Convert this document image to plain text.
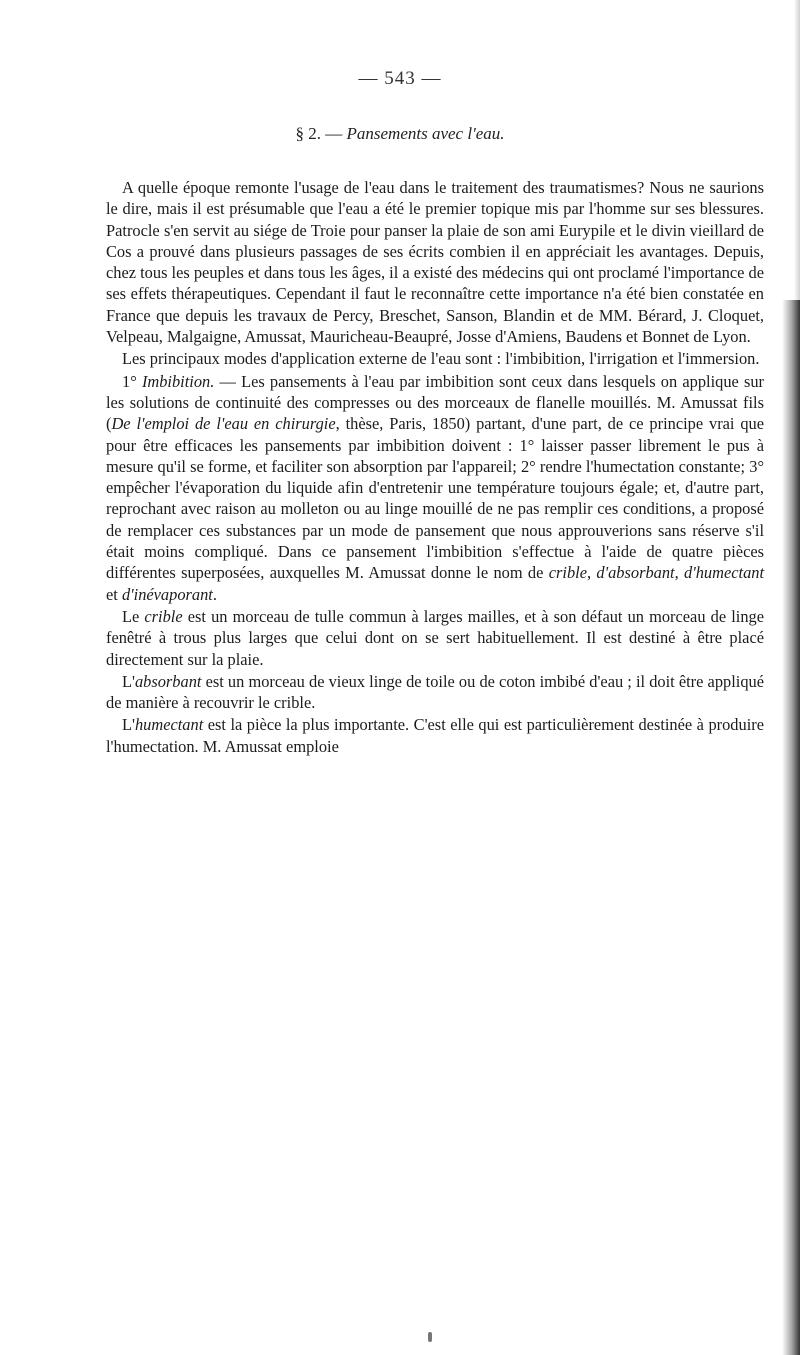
— 543 —
§ 2. — Pansements avec l'eau.

A quelle époque remonte l'usage de l'eau dans le traitement des traumatismes? Nous ne saurions le dire, mais il est présumable que l'eau a été le premier topique mis par l'homme sur ses blessures. Patrocle s'en servit au siége de Troie pour panser la plaie de son ami Eurypile et le divin vieillard de Cos a prouvé dans plusieurs passages de ses écrits combien il en appréciait les avantages. Depuis, chez tous les peuples et dans tous les âges, il a existé des médecins qui ont proclamé l'importance de ses effets thérapeutiques. Cependant il faut le reconnaître cette importance n'a été bien constatée en France que depuis les travaux de Percy, Breschet, Sanson, Blandin et de MM. Bérard, J. Cloquet, Velpeau, Malgaigne, Amussat, Mauricheau-Beaupré, Josse d'Amiens, Baudens et Bonnet de Lyon.

Les principaux modes d'application externe de l'eau sont : l'imbibition, l'irrigation et l'immersion.

1° Imbibition. — Les pansements à l'eau par imbibition sont ceux dans lesquels on applique sur les solutions de continuité des compresses ou des morceaux de flanelle mouillés. M. Amussat fils (De l'emploi de l'eau en chirurgie, thèse, Paris, 1850) partant, d'une part, de ce principe vrai que pour être efficaces les pansements par imbibition doivent : 1° laisser passer librement le pus à mesure qu'il se forme, et faciliter son absorption par l'appareil; 2° rendre l'humectation constante; 3° empêcher l'évaporation du liquide afin d'entretenir une température toujours égale; et, d'autre part, reprochant avec raison au molleton ou au linge mouillé de ne pas remplir ces conditions, a proposé de remplacer ces substances par un mode de pansement que nous approuverions sans réserve s'il était moins compliqué. Dans ce pansement l'imbibition s'effectue à l'aide de quatre pièces différentes superposées, auxquelles M. Amussat donne le nom de crible, d'absorbant, d'humectant et d'inévaporant.

Le crible est un morceau de tulle commun à larges mailles, et à son défaut un morceau de linge fenêtré à trous plus larges que celui dont on se sert habituellement. Il est destiné à être placé directement sur la plaie.

L'absorbant est un morceau de vieux linge de toile ou de coton imbibé d'eau ; il doit être appliqué de manière à recouvrir le crible.

L'humectant est la pièce la plus importante. C'est elle qui est particulièrement destinée à produire l'humectation. M. Amussat emploie
